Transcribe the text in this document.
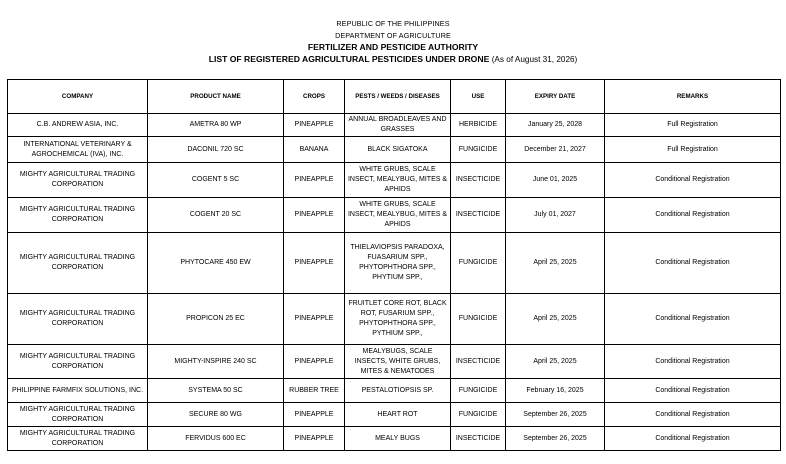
REPUBLIC OF THE PHILIPPINES
DEPARTMENT OF AGRICULTURE
FERTILIZER AND PESTICIDE AUTHORITY
LIST OF REGISTERED AGRICULTURAL PESTICIDES UNDER DRONE (As of August 31, 2026)
COMPANY	PRODUCT NAME	CROPS	PESTS / WEEDS / DISEASES	USE	EXPIRY DATE	REMARKS
C.B. ANDREW ASIA, INC.	AMETRA 80 WP	PINEAPPLE	ANNUAL BROADLEAVES AND GRASSES	HERBICIDE	January 25, 2028	Full Registration
INTERNATIONAL VETERINARY & AGROCHEMICAL (IVA), INC.	DACONIL 720 SC	BANANA	BLACK SIGATOKA	FUNGICIDE	December 21, 2027	Full Registration
MIGHTY AGRICULTURAL TRADING CORPORATION	COGENT 5 SC	PINEAPPLE	WHITE GRUBS, SCALE INSECT, MEALYBUG, MITES & APHIDS	INSECTICIDE	June 01, 2025	Conditional Registration
MIGHTY AGRICULTURAL TRADING CORPORATION	COGENT 20 SC	PINEAPPLE	WHITE GRUBS, SCALE INSECT, MEALYBUG, MITES & APHIDS	INSECTICIDE	July 01, 2027	Conditional Registration
MIGHTY AGRICULTURAL TRADING CORPORATION	PHYTOCARE 450 EW	PINEAPPLE	THIELAVIOPSIS PARADOXA, FUASARIUM SPP., PHYTOPHTHORA SPP., PHYTIUM SPP.,	FUNGICIDE	April 25, 2025	Conditional Registration
MIGHTY AGRICULTURAL TRADING CORPORATION	PROPICON 25 EC	PINEAPPLE	FRUITLET CORE ROT, BLACK ROT, FUSARIUM SPP., PHYTOPHTHORA SPP., PYTHIUM SPP.,	FUNGICIDE	April 25, 2025	Conditional Registration
MIGHTY AGRICULTURAL TRADING CORPORATION	MIGHTY-INSPIRE 240 SC	PINEAPPLE	MEALYBUGS, SCALE INSECTS, WHITE GRUBS, MITES & NEMATODES	INSECTICIDE	April 25, 2025	Conditional Registration
PHILIPPINE FARMFIX SOLUTIONS, INC.	SYSTEMA 50 SC	RUBBER TREE	PESTALOTIOPSIS SP.	FUNGICIDE	February 16, 2025	Conditional Registration
MIGHTY AGRICULTURAL TRADING CORPORATION	SECURE 80 WG	PINEAPPLE	HEART ROT	FUNGICIDE	September 26, 2025	Conditional Registration
MIGHTY AGRICULTURAL TRADING CORPORATION	FERVIDUS 600 EC	PINEAPPLE	MEALY BUGS	INSECTICIDE	September 26, 2025	Conditional Registration
